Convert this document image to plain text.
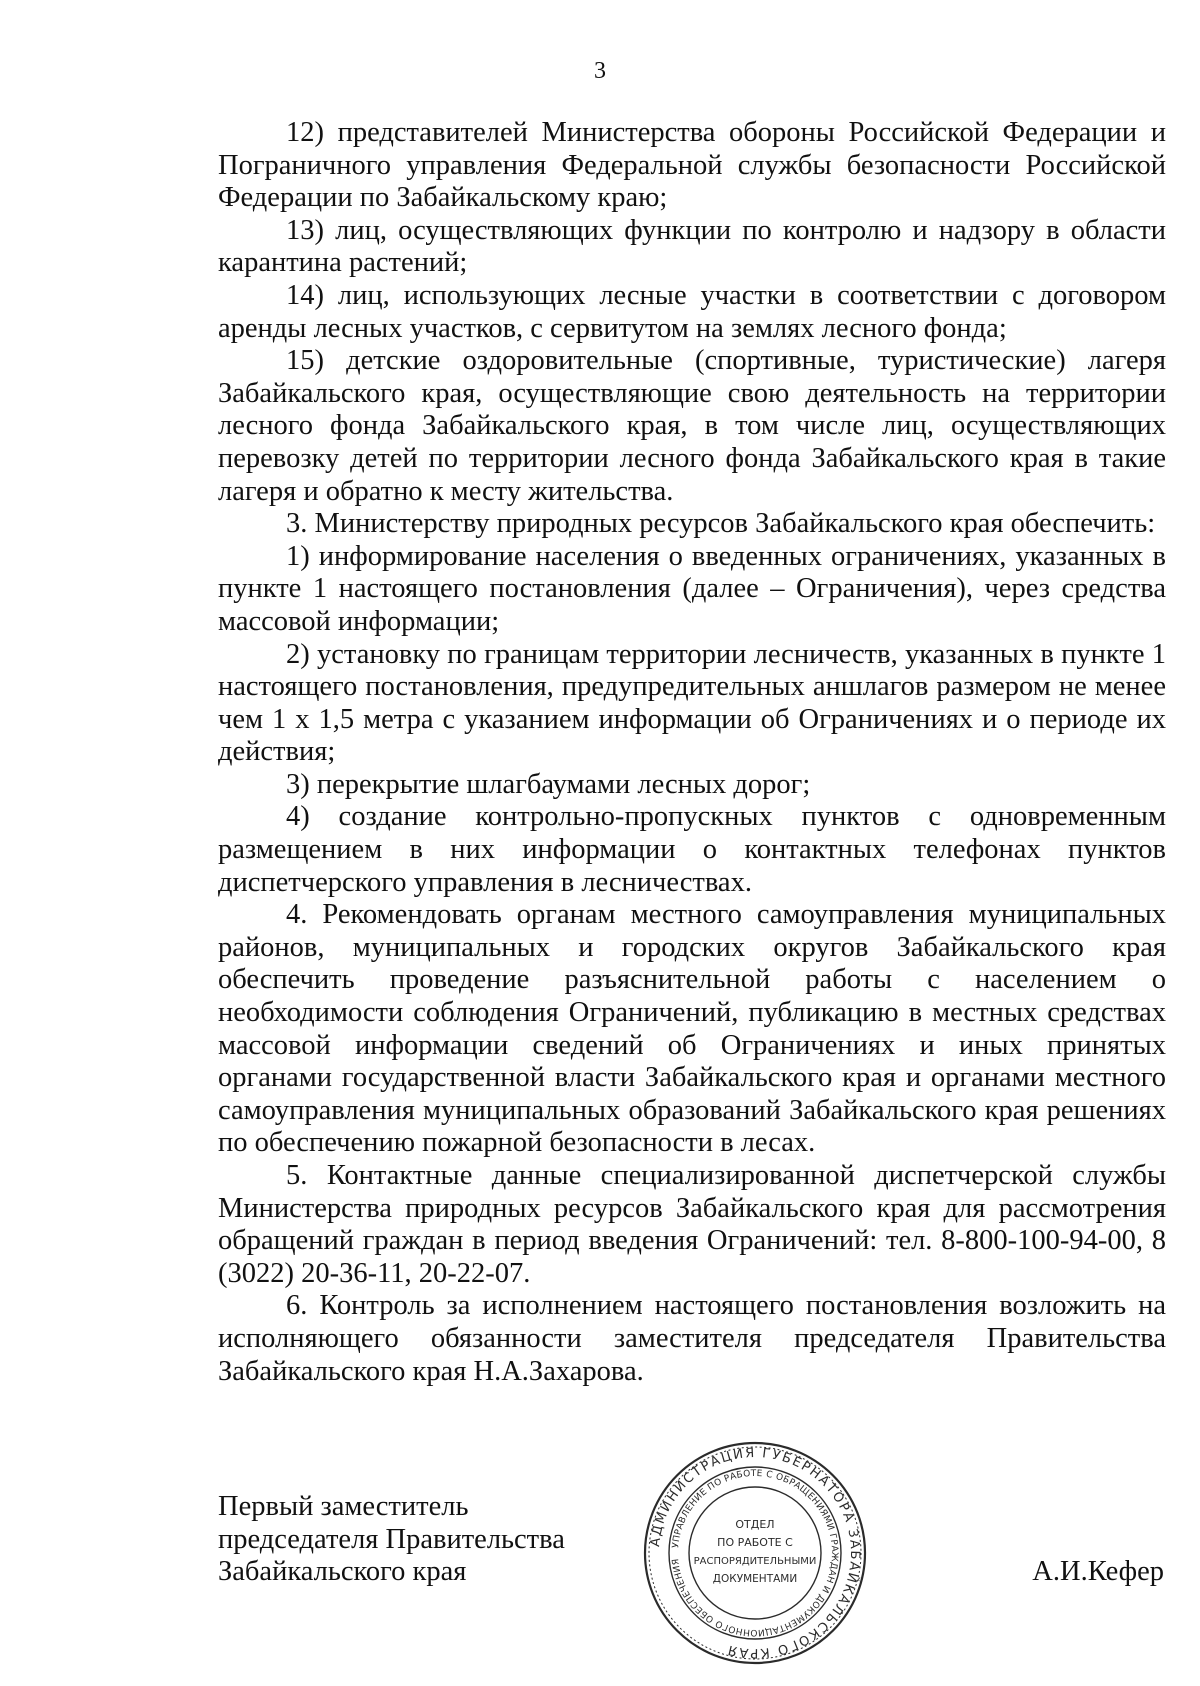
3

12) представителей Министерства обороны Российской Федерации и Пограничного управления Федеральной службы безопасности Российской Федерации по Забайкальскому краю;

13) лиц, осуществляющих функции по контролю и надзору в области карантина растений;

14) лиц, использующих лесные участки в соответствии с договором аренды лесных участков, с сервитутом на землях лесного фонда;

15) детские оздоровительные (спортивные, туристические) лагеря Забайкальского края, осуществляющие свою деятельность на территории лесного фонда Забайкальского края, в том числе лиц, осуществляющих перевозку детей по территории лесного фонда Забайкальского края в такие лагеря и обратно к месту жительства.

3. Министерству природных ресурсов Забайкальского края обеспечить:

1) информирование населения о введенных ограничениях, указанных в пункте 1 настоящего постановления (далее – Ограничения), через средства массовой информации;

2) установку по границам территории лесничеств, указанных в пункте 1 настоящего постановления, предупредительных аншлагов размером не менее чем 1 х 1,5 метра с указанием информации об Ограничениях и о периоде их действия;

3) перекрытие шлагбаумами лесных дорог;

4) создание контрольно-пропускных пунктов с одновременным размещением в них информации о контактных телефонах пунктов диспетчерского управления в лесничествах.

4. Рекомендовать органам местного самоуправления муниципальных районов, муниципальных и городских округов Забайкальского края обеспечить проведение разъяснительной работы с населением о необходимости соблюдения Ограничений, публикацию в местных средствах массовой информации сведений об Ограничениях и иных принятых органами государственной власти Забайкальского края и органами местного самоуправления муниципальных образований Забайкальского края решениях по обеспечению пожарной безопасности в лесах.

5. Контактные данные специализированной диспетчерской службы Министерства природных ресурсов Забайкальского края для рассмотрения обращений граждан в период введения Ограничений: тел. 8-800-100-94-00, 8 (3022) 20-36-11, 20-22-07.

6. Контроль за исполнением настоящего постановления возложить на исполняющего обязанности заместителя председателя Правительства Забайкальского края Н.А.Захарова.

Первый заместитель
председателя Правительства
Забайкальского края
АДМИНИСТРАЦИЯ ГУБЕРНАТОРА ЗАБАЙКАЛЬСКОГО КРАЯ
УПРАВЛЕНИЕ ПО РАБОТЕ С ОБРАЩЕНИЯМИ ГРАЖДАН И ДОКУМЕНТАЦИОННОГО ОБЕСПЕЧЕНИЯ
ОТДЕЛ
ПО РАБОТЕ С
РАСПОРЯДИТЕЛЬНЫМИ
ДОКУМЕНТАМИ	А.И.Кефер
